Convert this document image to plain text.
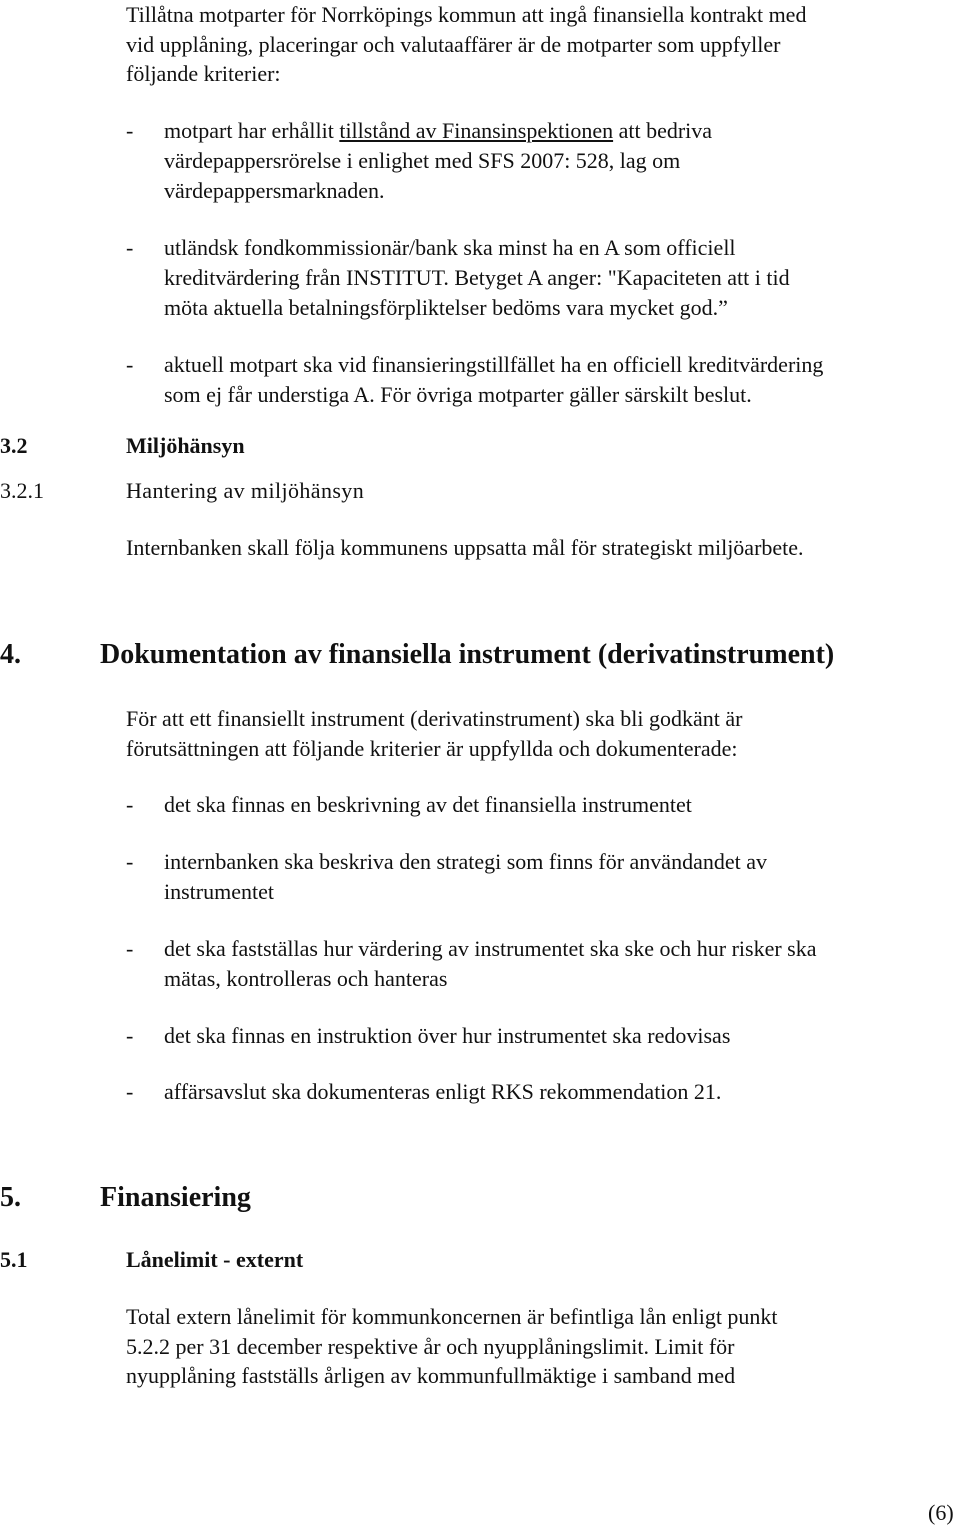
Tillåtna motparter för Norrköpings kommun att ingå finansiella kontrakt med
vid upplåning, placeringar och valutaaffärer är de motparter som uppfyller
följande kriterier:
- motpart har erhållit tillstånd av Finansinspektionen att bedriva
värdepappersrörelse i enlighet med SFS 2007: 528, lag om
värdepappersmarknaden.
- utländsk fondkommissionär/bank ska minst ha en A som officiell
kreditvärdering från INSTITUT. Betyget A anger: "Kapaciteten att i tid
möta aktuella betalningsförpliktelser bedöms vara mycket god.”
- aktuell motpart ska vid finansieringstillfället ha en officiell kreditvärdering
som ej får understiga A. För övriga motparter gäller särskilt beslut.
3.2	Miljöhänsyn
3.2.1	Hantering av miljöhänsyn
Internbanken skall följa kommunens uppsatta mål för strategiskt miljöarbete.
4.	Dokumentation av finansiella instrument (derivatinstrument)
För att ett finansiellt instrument (derivatinstrument) ska bli godkänt är
förutsättningen att följande kriterier är uppfyllda och dokumenterade:
- det ska finnas en beskrivning av det finansiella instrumentet
- internbanken ska beskriva den strategi som finns för användandet av
instrumentet
- det ska fastställas hur värdering av instrumentet ska ske och hur risker ska
mätas, kontrolleras och hanteras
- det ska finnas en instruktion över hur instrumentet ska redovisas
- affärsavslut ska dokumenteras enligt RKS rekommendation 21.
5.	Finansiering
5.1	Lånelimit - externt
Total extern lånelimit för kommunkoncernen är befintliga lån enligt punkt
5.2.2 per 31 december respektive år och nyupplåningslimit. Limit för
nyupplåning fastställs årligen av kommunfullmäktige i samband med
(6)
